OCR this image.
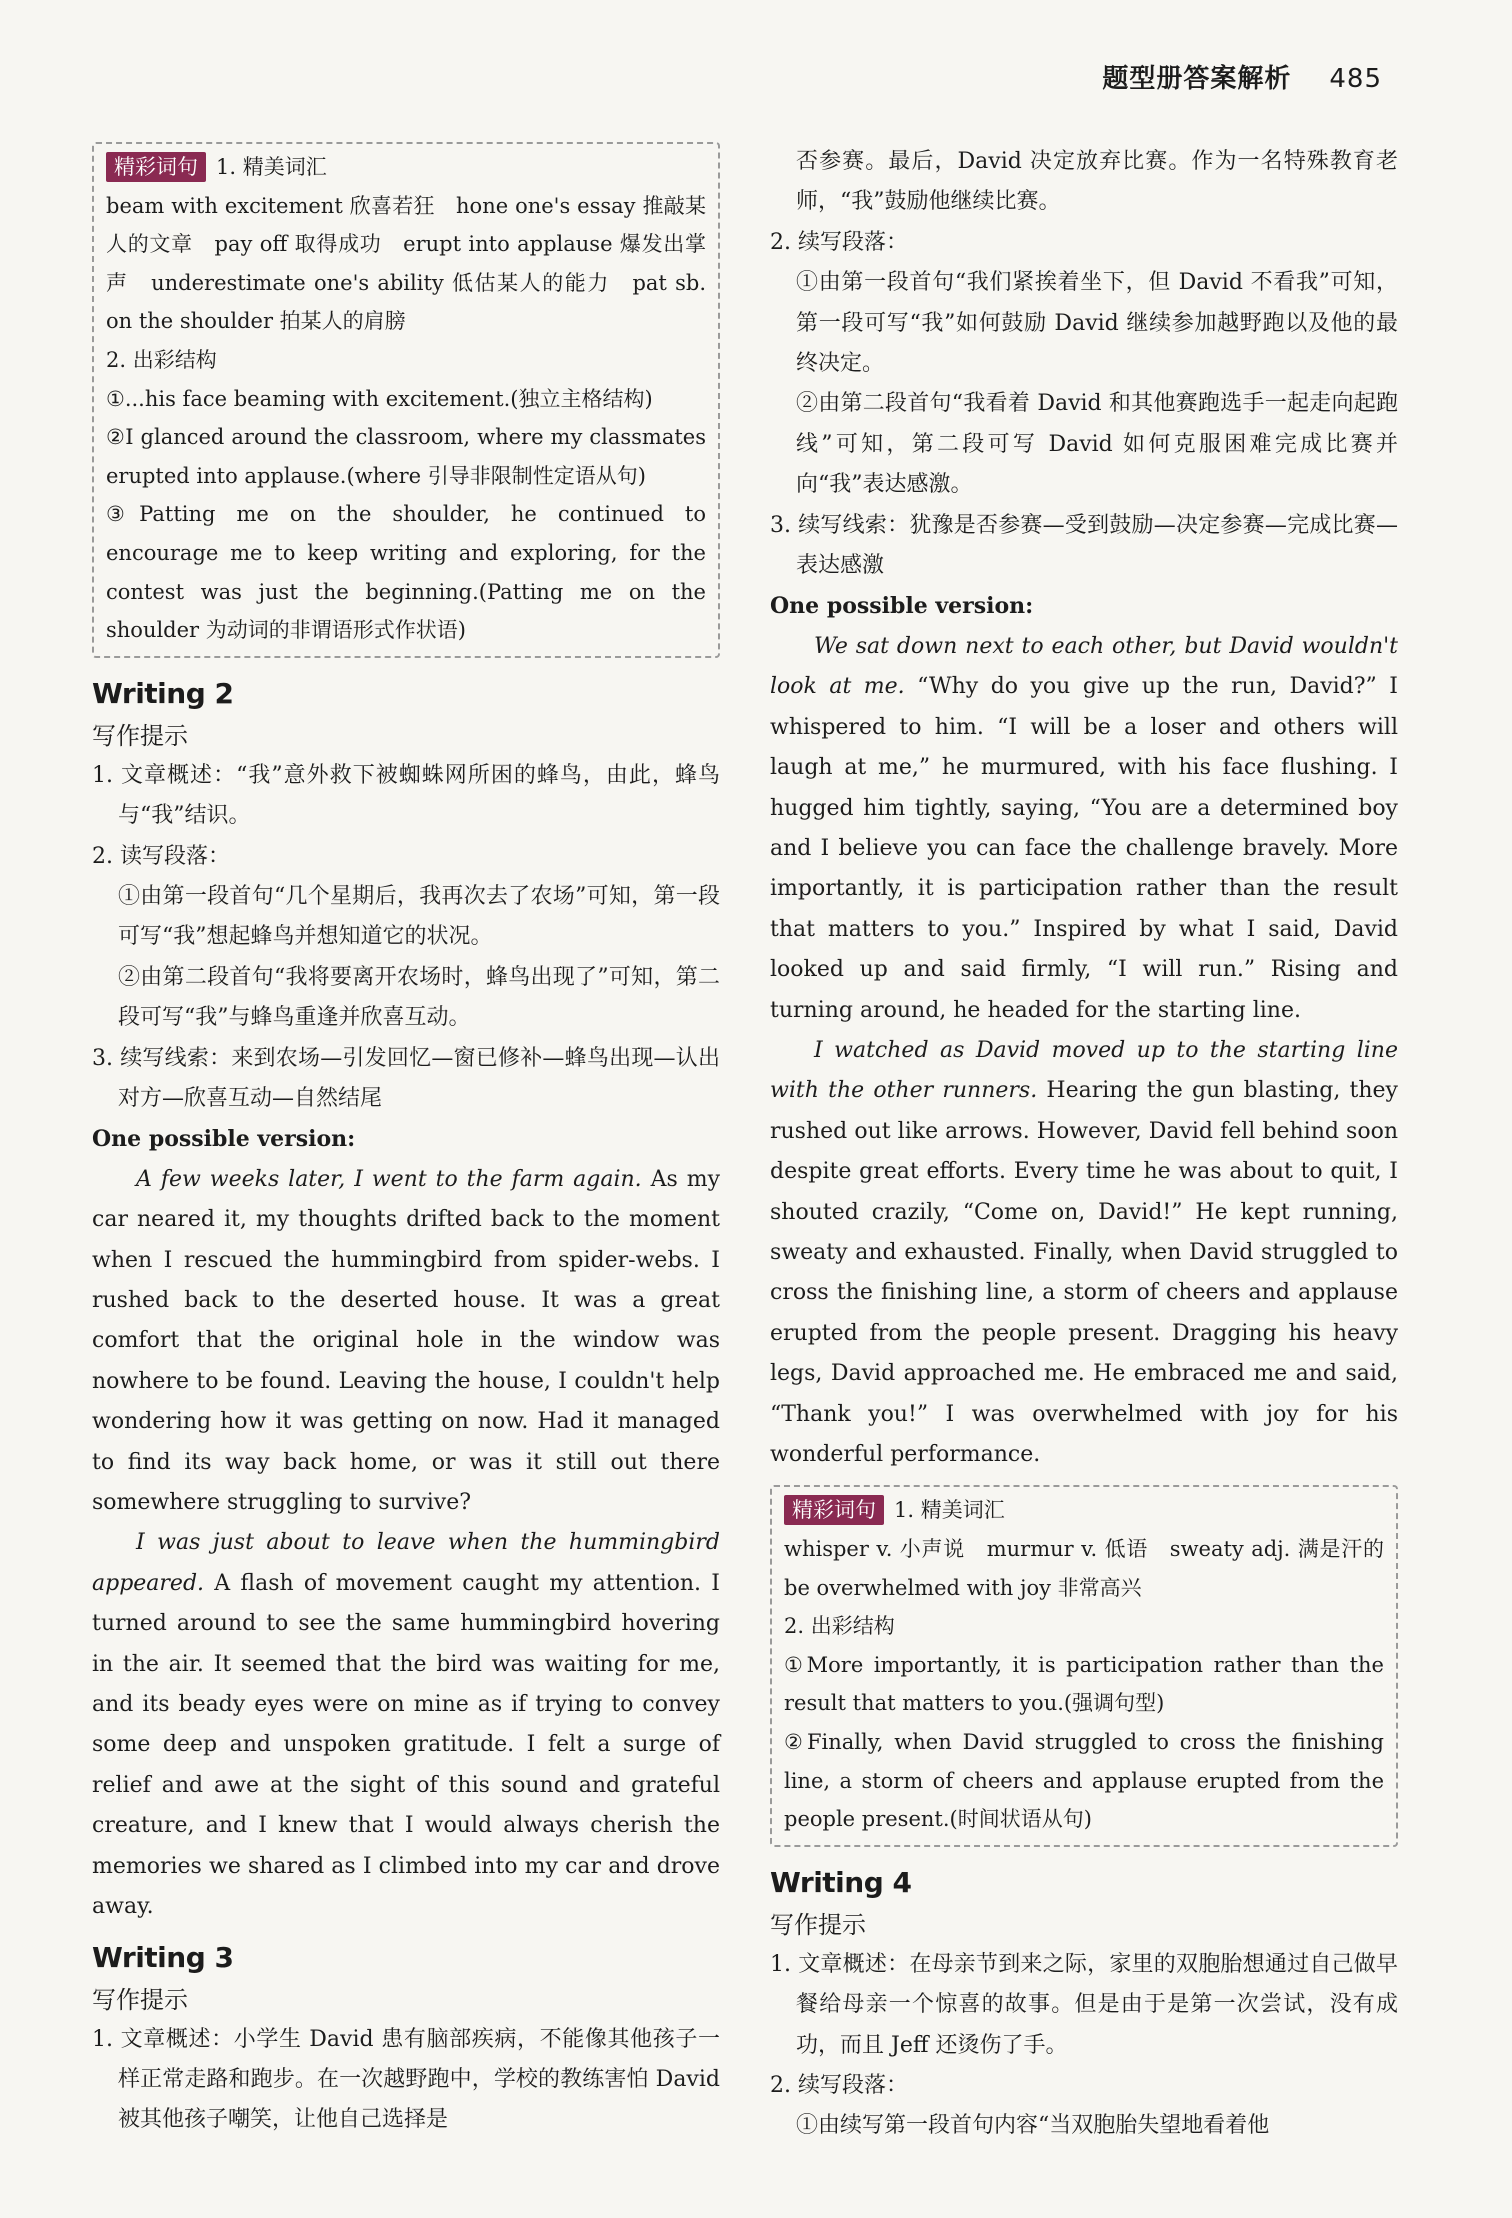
题型册答案解析 485

精彩词句 1. 精美词汇

beam with excitement 欣喜若狂　hone one's essay 推敲某人的文章　pay off 取得成功　erupt into applause 爆发出掌声　underestimate one's ability 低估某人的能力　pat sb. on the shoulder 拍某人的肩膀

2. 出彩结构

①...his face beaming with excitement.(独立主格结构)

②I glanced around the classroom, where my classmates erupted into applause.(where 引导非限制性定语从句)

③Patting me on the shoulder, he continued to encourage me to keep writing and exploring, for the contest was just the beginning.(Patting me on the shoulder 为动词的非谓语形式作状语)

Writing 2

写作提示

1. 文章概述：“我”意外救下被蜘蛛网所困的蜂鸟，由此，蜂鸟与“我”结识。

2. 读写段落：

①由第一段首句“几个星期后，我再次去了农场”可知，第一段可写“我”想起蜂鸟并想知道它的状况。

②由第二段首句“我将要离开农场时，蜂鸟出现了”可知，第二段可写“我”与蜂鸟重逢并欣喜互动。

3. 续写线索：来到农场—引发回忆—窗已修补—蜂鸟出现—认出对方—欣喜互动—自然结尾

One possible version:

A few weeks later, I went to the farm again. As my car neared it, my thoughts drifted back to the moment when I rescued the hummingbird from spider-webs. I rushed back to the deserted house. It was a great comfort that the original hole in the window was nowhere to be found. Leaving the house, I couldn't help wondering how it was getting on now. Had it managed to find its way back home, or was it still out there somewhere struggling to survive?

I was just about to leave when the hummingbird appeared. A flash of movement caught my attention. I turned around to see the same hummingbird hovering in the air. It seemed that the bird was waiting for me, and its beady eyes were on mine as if trying to convey some deep and unspoken gratitude. I felt a surge of relief and awe at the sight of this sound and grateful creature, and I knew that I would always cherish the memories we shared as I climbed into my car and drove away.

Writing 3

写作提示

1. 文章概述：小学生 David 患有脑部疾病，不能像其他孩子一样正常走路和跑步。在一次越野跑中，学校的教练害怕 David 被其他孩子嘲笑，让他自己选择是

否参赛。最后，David 决定放弃比赛。作为一名特殊教育老师，“我”鼓励他继续比赛。

2. 续写段落：

①由第一段首句“我们紧挨着坐下，但 David 不看我”可知，第一段可写“我”如何鼓励 David 继续参加越野跑以及他的最终决定。

②由第二段首句“我看着 David 和其他赛跑选手一起走向起跑线”可知，第二段可写 David 如何克服困难完成比赛并向“我”表达感激。

3. 续写线索：犹豫是否参赛—受到鼓励—决定参赛—完成比赛—表达感激

One possible version:

We sat down next to each other, but David wouldn't look at me. “Why do you give up the run, David?” I whispered to him. “I will be a loser and others will laugh at me,” he murmured, with his face flushing. I hugged him tightly, saying, “You are a determined boy and I believe you can face the challenge bravely. More importantly, it is participation rather than the result that matters to you.” Inspired by what I said, David looked up and said firmly, “I will run.” Rising and turning around, he headed for the starting line.

I watched as David moved up to the starting line with the other runners. Hearing the gun blasting, they rushed out like arrows. However, David fell behind soon despite great efforts. Every time he was about to quit, I shouted crazily, “Come on, David!” He kept running, sweaty and exhausted. Finally, when David struggled to cross the finishing line, a storm of cheers and applause erupted from the people present. Dragging his heavy legs, David approached me. He embraced me and said, “Thank you!” I was overwhelmed with joy for his wonderful performance.

精彩词句 1. 精美词汇

whisper v. 小声说　murmur v. 低语　sweaty adj. 满是汗的　be overwhelmed with joy 非常高兴

2. 出彩结构

①More importantly, it is participation rather than the result that matters to you.(强调句型)

②Finally, when David struggled to cross the finishing line, a storm of cheers and applause erupted from the people present.(时间状语从句)

Writing 4

写作提示

1. 文章概述：在母亲节到来之际，家里的双胞胎想通过自己做早餐给母亲一个惊喜的故事。但是由于是第一次尝试，没有成功，而且 Jeff 还烫伤了手。

2. 续写段落：

①由续写第一段首句内容“当双胞胎失望地看着他
